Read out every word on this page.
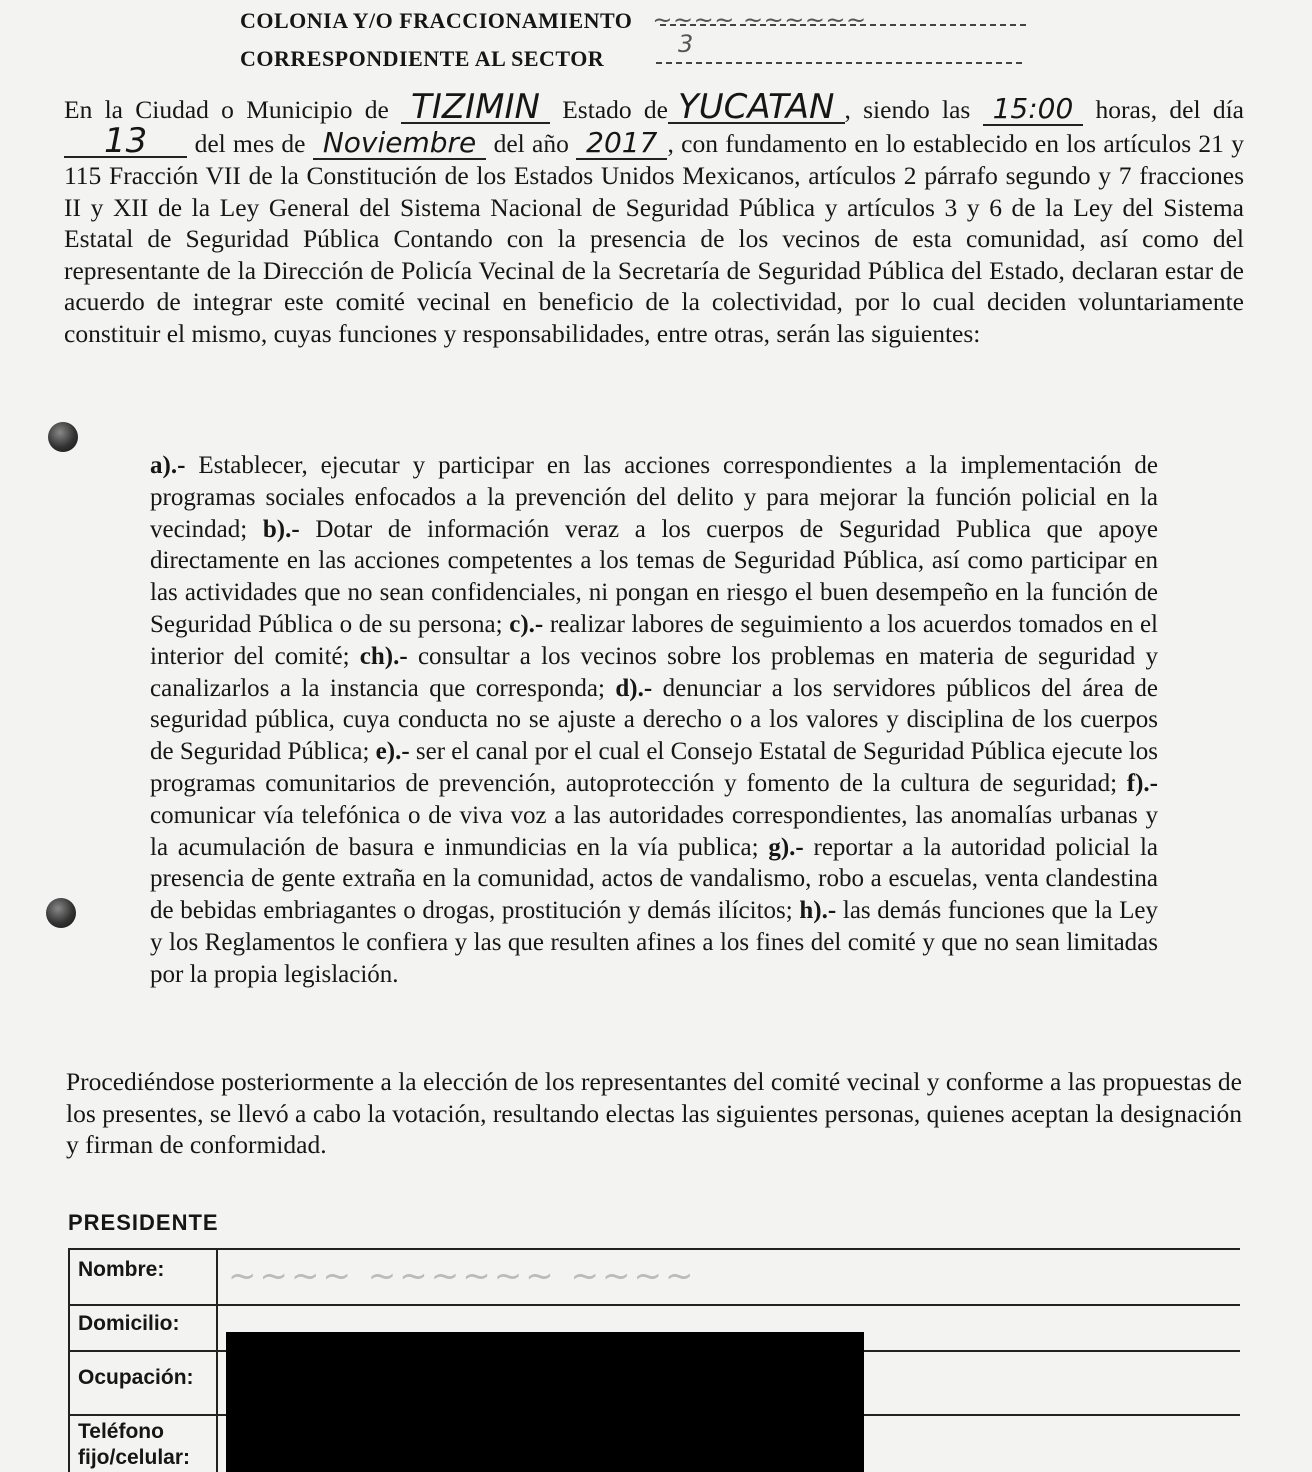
COLONIA Y/O FRACCIONAMIENTO ~~~~ ~~~~~~
CORRESPONDIENTE AL SECTOR
3

En la Ciudad o Municipio de TIZIMIN Estado de YUCATAN , siendo las 15:00 horas, del día 13 del mes de Noviembre del año 2017 , con fundamento en lo establecido en los artículos 21 y 115 Fracción VII de la Constitución de los Estados Unidos Mexicanos, artículos 2 párrafo segundo y 7 fracciones II y XII de la Ley General del Sistema Nacional de Seguridad Pública y artículos 3 y 6 de la Ley del Sistema Estatal de Seguridad Pública Contando con la presencia de los vecinos de esta comunidad, así como del representante de la Dirección de Policía Vecinal de la Secretaría de Seguridad Pública del Estado, declaran estar de acuerdo de integrar este comité vecinal en beneficio de la colectividad, por lo cual deciden voluntariamente constituir el mismo, cuyas funciones y responsabilidades, entre otras, serán las siguientes:

a).- Establecer, ejecutar y participar en las acciones correspondientes a la implementación de programas sociales enfocados a la prevención del delito y para mejorar la función policial en la vecindad; b).- Dotar de información veraz a los cuerpos de Seguridad Publica que apoye directamente en las acciones competentes a los temas de Seguridad Pública, así como participar en las actividades que no sean confidenciales, ni pongan en riesgo el buen desempeño en la función de Seguridad Pública o de su persona; c).- realizar labores de seguimiento a los acuerdos tomados en el interior del comité; ch).- consultar a los vecinos sobre los problemas en materia de seguridad y canalizarlos a la instancia que corresponda; d).- denunciar a los servidores públicos del área de seguridad pública, cuya conducta no se ajuste a derecho o a los valores y disciplina de los cuerpos de Seguridad Pública; e).- ser el canal por el cual el Consejo Estatal de Seguridad Pública ejecute los programas comunitarios de prevención, autoprotección y fomento de la cultura de seguridad; f).- comunicar vía telefónica o de viva voz a las autoridades correspondientes, las anomalías urbanas y la acumulación de basura e inmundicias en la vía publica; g).- reportar a la autoridad policial la presencia de gente extraña en la comunidad, actos de vandalismo, robo a escuelas, venta clandestina de bebidas embriagantes o drogas, prostitución y demás ilícitos; h).- las demás funciones que la Ley y los Reglamentos le confiera y las que resulten afines a los fines del comité y que no sean limitadas por la propia legislación.

Procediéndose posteriormente a la elección de los representantes del comité vecinal y conforme a las propuestas de los presentes, se llevó a cabo la votación, resultando electas las siguientes personas, quienes aceptan la designación y firman de conformidad.

PRESIDENTE
Nombre:
Domicilio:
Ocupación:
Teléfono
fijo/celular:
~~~~ ~~~~~~ ~~~~
